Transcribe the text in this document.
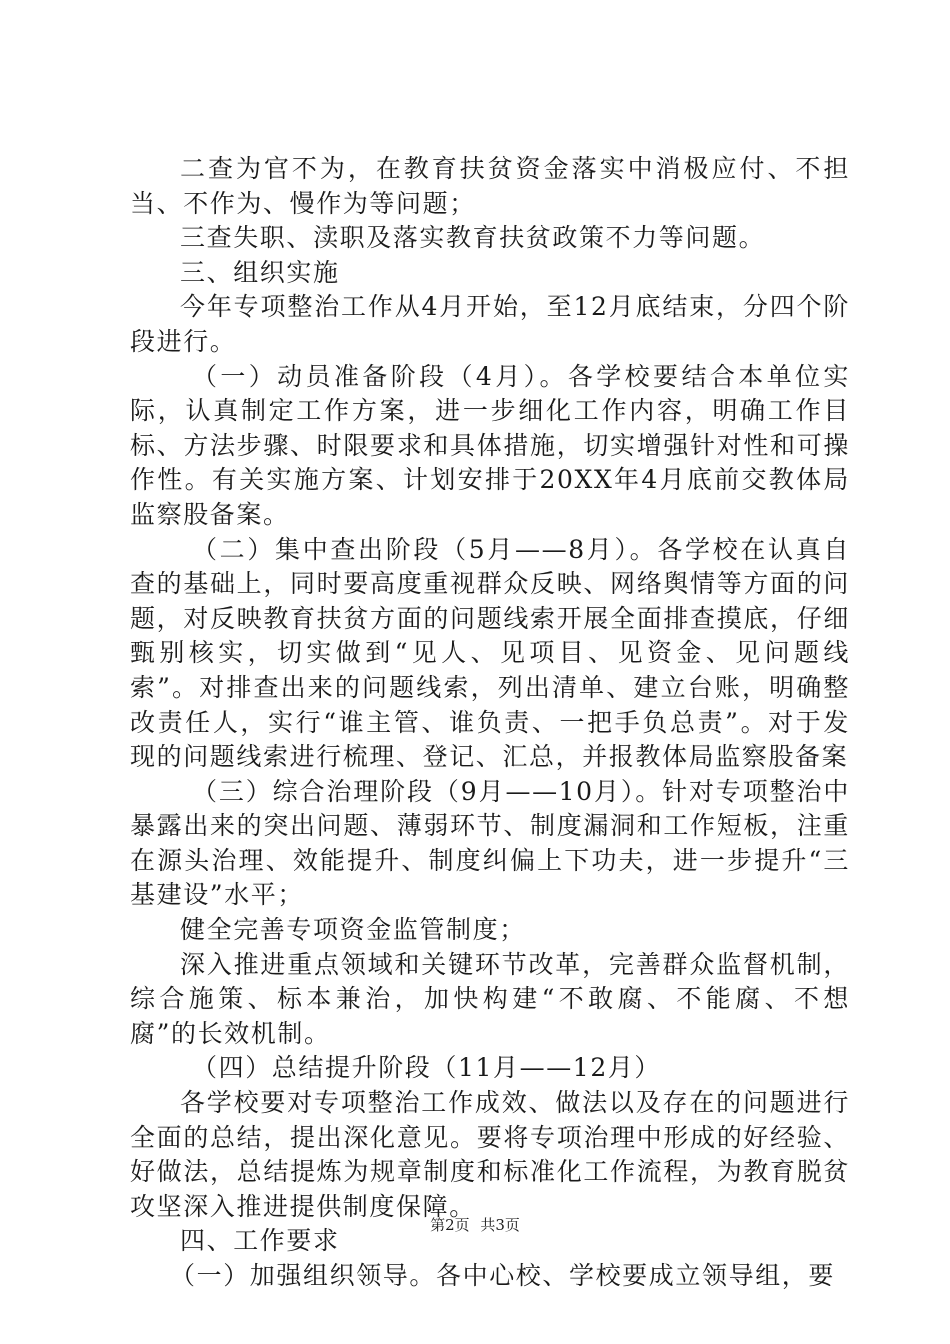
二查为官不为，在教育扶贫资金落实中消极应付、不担当、不作为、慢作为等问题；

三查失职、渎职及落实教育扶贫政策不力等问题。

三、组织实施

今年专项整治工作从4月开始，至12月底结束，分四个阶段进行。

（一）动员准备阶段（4月）。各学校要结合本单位实际，认真制定工作方案，进一步细化工作内容，明确工作目标、方法步骤、时限要求和具体措施，切实增强针对性和可操作性。有关实施方案、计划安排于20XX年4月底前交教体局监察股备案。

（二）集中查出阶段（5月——8月）。各学校在认真自查的基础上，同时要高度重视群众反映、网络舆情等方面的问题，对反映教育扶贫方面的问题线索开展全面排查摸底，仔细甄别核实，切实做到“见人、见项目、见资金、见问题线索”。对排查出来的问题线索，列出清单、建立台账，明确整改责任人，实行“谁主管、谁负责、一把手负总责”。对于发现的问题线索进行梳理、登记、汇总，并报教体局监察股备案

（三）综合治理阶段（9月——10月）。针对专项整治中暴露出来的突出问题、薄弱环节、制度漏洞和工作短板，注重在源头治理、效能提升、制度纠偏上下功夫，进一步提升“三基建设”水平；

健全完善专项资金监管制度；

深入推进重点领域和关键环节改革，完善群众监督机制，综合施策、标本兼治，加快构建“不敢腐、不能腐、不想腐”的长效机制。

（四）总结提升阶段（11月——12月）

各学校要对专项整治工作成效、做法以及存在的问题进行全面的总结，提出深化意见。要将专项治理中形成的好经验、好做法，总结提炼为规章制度和标准化工作流程，为教育脱贫攻坚深入推进提供制度保障。

四、工作要求

（一）加强组织领导。各中心校、学校要成立领导组，要

第2页 共3页
